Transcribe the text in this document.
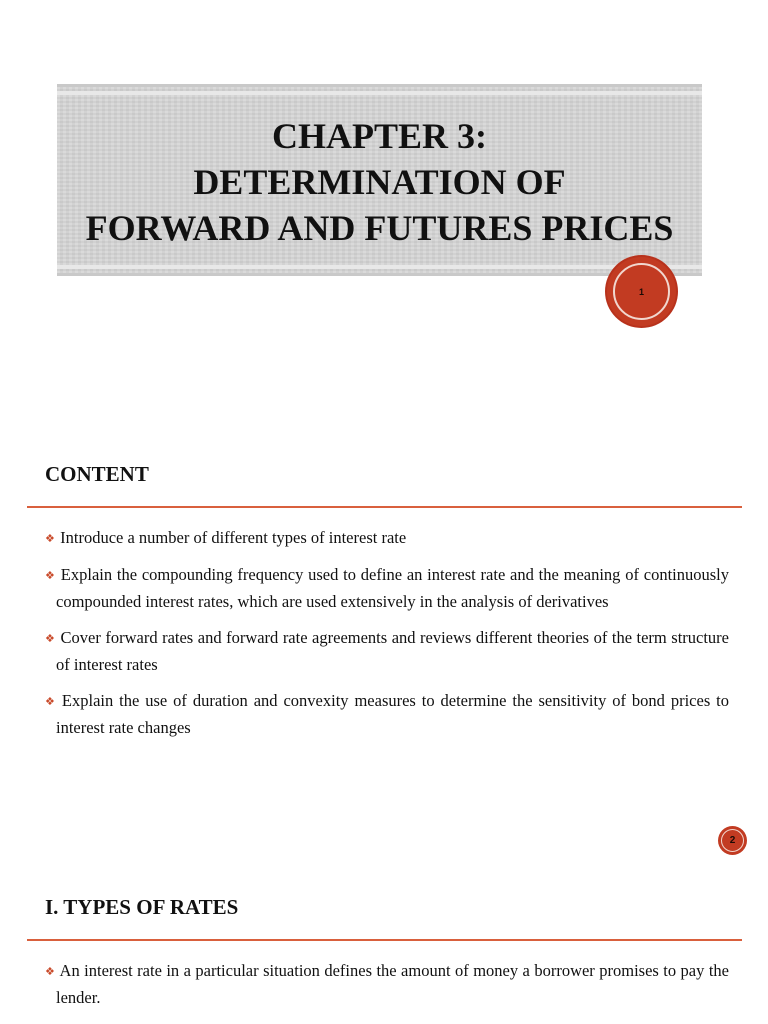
CHAPTER 3:
DETERMINATION OF
FORWARD AND FUTURES PRICES
1
CONTENT
❖ Introduce a number of different types of interest rate
❖ Explain the compounding frequency used to define an interest rate and the meaning of continuously compounded interest rates, which are used extensively in the analysis of derivatives
❖ Cover forward rates and forward rate agreements and reviews different theories of the term structure of interest rates
❖ Explain the use of duration and convexity measures to determine the sensitivity of bond prices to interest rate changes
2
I. TYPES OF RATES
❖ An interest rate in a particular situation defines the amount of money a borrower promises to pay the lender.
